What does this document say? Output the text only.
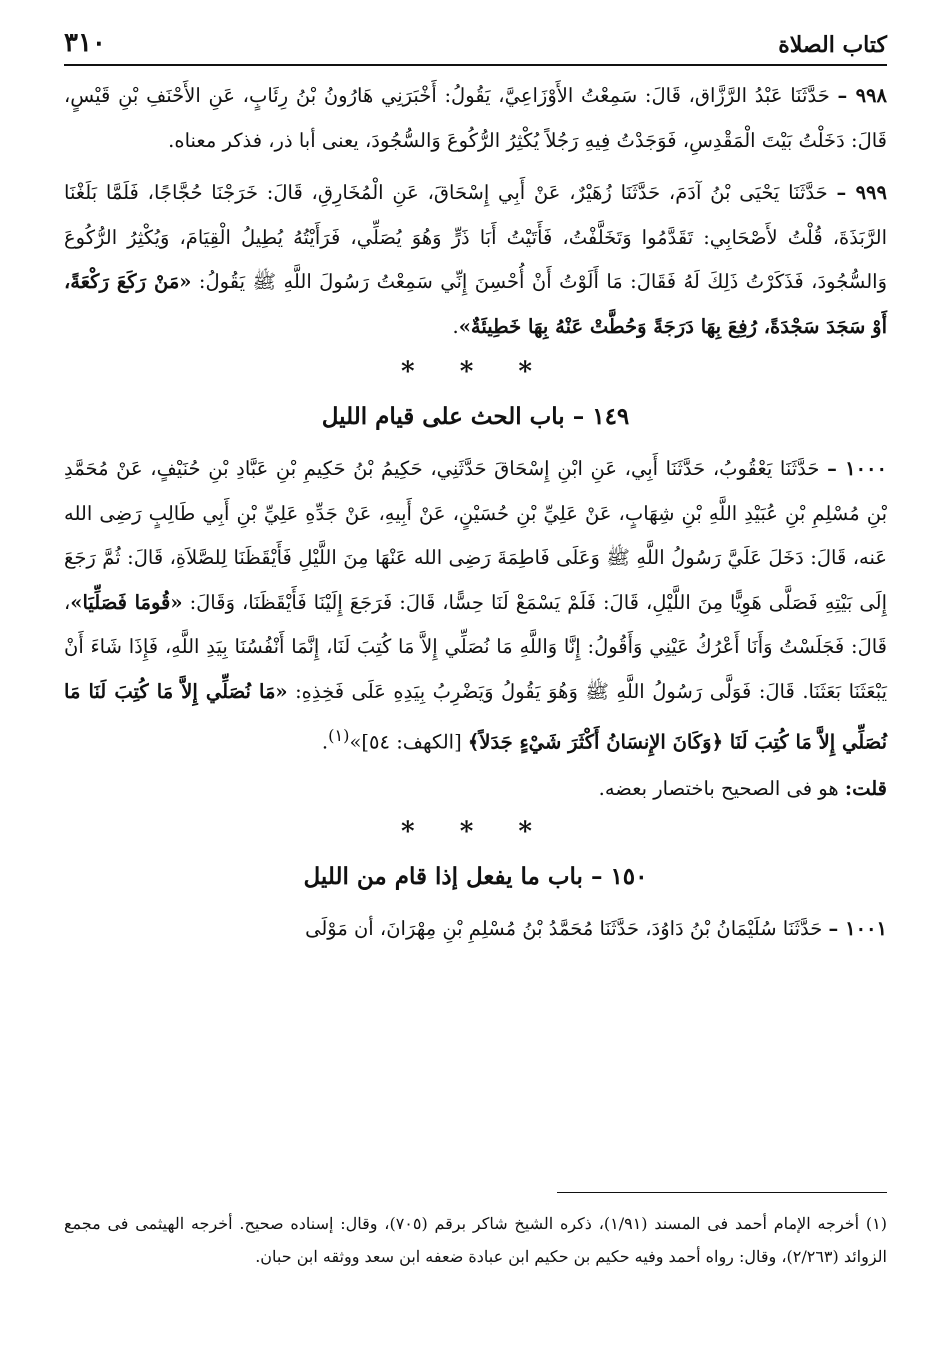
كتاب الصلاة
٣١٠

٩٩٨ – حَدَّثَنَا عَبْدُ الرَّزَّاق، قَالَ: سَمِعْتُ الأَوْزَاعِيَّ، يَقُولُ: أَخْبَرَنِي هَارُونُ بْنُ رِئَابٍ، عَنِ الأَحْنَفِ بْنِ قَيْسٍ، قَالَ: دَخَلْتُ بَيْتَ الْمَقْدِسِ، فَوَجَدْتُ فِيهِ رَجُلاً يُكْثِرُ الرُّكُوعَ وَالسُّجُودَ، يعنى أبا ذر، فذكر معناه.

٩٩٩ – حَدَّثَنَا يَحْيَى بْنُ آدَمَ، حَدَّثَنَا زُهَيْرٌ، عَنْ أَبِي إِسْحَاقَ، عَنِ الْمُخَارِقِ، قَالَ: خَرَجْنَا حُجَّاجًا، فَلَمَّا بَلَغْنَا الرَّبَذَةَ، قُلْتُ لأَصْحَابِي: تَقَدَّمُوا وَتَخَلَّفْتُ، فَأَتَيْتُ أَبَا ذَرٍّ وَهُوَ يُصَلِّي، فَرَأَيْتُهُ يُطِيلُ الْقِيَامَ، وَيُكْثِرُ الرُّكُوعَ وَالسُّجُودَ، فَذَكَرْتُ ذَلِكَ لَهُ فَقَالَ: مَا أَلَوْتُ أَنْ أُحْسِنَ إِنِّي سَمِعْتُ رَسُولَ اللَّهِ ﷺ يَقُولُ: «مَنْ رَكَعَ رَكْعَةً، أَوْ سَجَدَ سَجْدَةً، رُفِعَ بِهَا دَرَجَةً وَحُطَّتْ عَنْهُ بِهَا خَطِيئَةٌ».

* * *
١٤٩ – باب الحث على قيام الليل

١٠٠٠ – حَدَّثَنَا يَعْقُوبُ، حَدَّثَنَا أَبِي، عَنِ ابْنِ إِسْحَاقَ حَدَّثَنِي، حَكِيمُ بْنُ حَكِيمِ بْنِ عَبَّادِ بْنِ حُنَيْفٍ، عَنْ مُحَمَّدِ بْنِ مُسْلِمِ بْنِ عُبَيْدِ اللَّهِ بْنِ شِهَابٍ، عَنْ عَلِيِّ بْنِ حُسَيْنٍ، عَنْ أَبِيهِ، عَنْ جَدِّهِ عَلِيِّ بْنِ أَبِي طَالِبٍ رَضِى الله عَنه، قَالَ: دَخَلَ عَلَيَّ رَسُولُ اللَّهِ ﷺ وَعَلَى فَاطِمَةَ رَضِى الله عَنْهَا مِنَ اللَّيْلِ فَأَيْقَظَنَا لِلصَّلاَةِ، قَالَ: ثُمَّ رَجَعَ إِلَى بَيْتِهِ فَصَلَّى هَوِيًّا مِنَ اللَّيْلِ، قَالَ: فَلَمْ يَسْمَعْ لَنَا حِسًّا، قَالَ: فَرَجَعَ إِلَيْنَا فَأَيْقَظَنَا، وَقَالَ: «قُومَا فَصَلِّيَا»، قَالَ: فَجَلَسْتُ وَأَنَا أَعْرُكُ عَيْنِي وَأَقُولُ: إِنَّا وَاللَّهِ مَا نُصَلِّي إِلاَّ مَا كُتِبَ لَنَا، إِنَّمَا أَنْفُسُنَا بِيَدِ اللَّهِ، فَإِذَا شَاءَ أَنْ يَبْعَثَنَا بَعَثَنَا. قَالَ: فَوَلَّى رَسُولُ اللَّهِ ﷺ وَهُوَ يَقُولُ وَيَضْرِبُ بِيَدِهِ عَلَى فَخِذِهِ: «مَا نُصَلِّي إِلاَّ مَا كُتِبَ لَنَا مَا نُصَلِّي إِلاَّ مَا كُتِبَ لَنَا ﴿وَكَانَ الإِنسَانُ أَكْثَرَ شَيْءٍ جَدَلاً﴾ [الكهف: ٥٤]»$^{(١)}$.

قلت: هو فى الصحيح باختصار بعضه.

* * *
١٥٠ – باب ما يفعل إذا قام من الليل

١٠٠١ – حَدَّثَنَا سُلَيْمَانُ بْنُ دَاوُدَ، حَدَّثَنَا مُحَمَّدُ بْنُ مُسْلِمِ بْنِ مِهْرَانَ، أن مَوْلَى

(١) أخرجه الإمام أحمد فى المسند (١/٩١)، ذكره الشيخ شاكر برقم (٧٠٥)، وقال: إسناده صحيح. أخرجه الهيثمى فى مجمع الزوائد (٢/٢٦٣)، وقال: رواه أحمد وفيه حكيم بن حكيم ابن عبادة ضعفه ابن سعد ووثقه ابن حبان.
